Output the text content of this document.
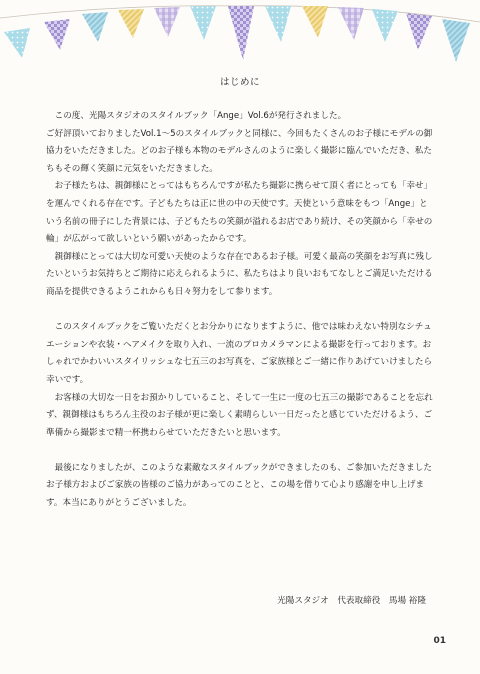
はじめに

この度、光陽スタジオのスタイルブック「Ange」Vol.6が発行されました。

ご好評頂いておりましたVol.1～5のスタイルブックと同様に、今回もたくさんのお子様にモデルの御協力をいただきました。どのお子様も本物のモデルさんのように楽しく撮影に臨んでいただき、私たちもその輝く笑顔に元気をいただきました。

お子様たちは、親御様にとってはもちろんですが私たち撮影に携らせて頂く者にとっても「幸せ」を運んでくれる存在です。子どもたちは正に世の中の天使です。天使という意味をもつ「Ange」という名前の冊子にした背景には、子どもたちの笑顔が溢れるお店であり続け、その笑顔から「幸せの輪」が広がって欲しいという願いがあったからです。

親御様にとっては大切な可愛い天使のような存在であるお子様。可愛く最高の笑顔をお写真に残したいというお気持ちとご期待に応えられるように、私たちはより良いおもてなしとご満足いただける商品を提供できるようこれからも日々努力をして参ります。

このスタイルブックをご覧いただくとお分かりになりますように、他では味わえない特別なシチュエーションや衣装・ヘアメイクを取り入れ、一流のプロカメラマンによる撮影を行っております。おしゃれでかわいいスタイリッシュな七五三のお写真を、ご家族様とご一緒に作りあげていけましたら幸いです。

お客様の大切な一日をお預かりしていること、そして一生に一度の七五三の撮影であることを忘れず、親御様はもちろん主役のお子様が更に楽しく素晴らしい一日だったと感じていただけるよう、ご準備から撮影まで精一杯携わらせていただきたいと思います。

最後になりましたが、このような素敵なスタイルブックができましたのも、ご参加いただきましたお子様方およびご家族の皆様のご協力があってのことと、この場を借りて心より感謝を申し上げます。本当にありがとうございました。

光陽スタジオ　代表取締役　馬場 裕隆
01
